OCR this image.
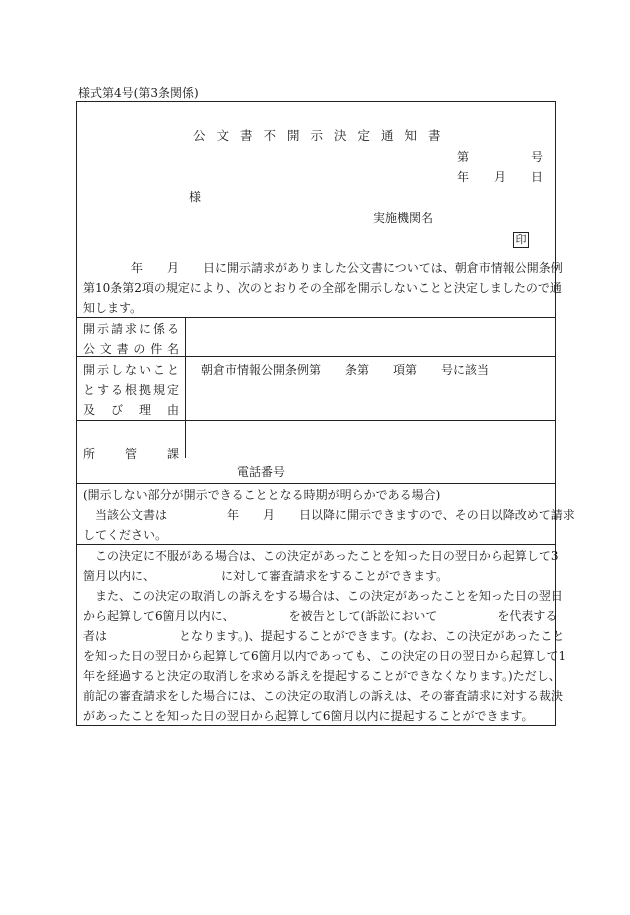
様式第4号(第3条関係)
公文書不開示決定通知書
第	号
年 月 日
様
実施機関名
印

　　　　年　　月　　日に開示請求がありました公文書については、朝倉市情報公開条例

第10条第2項の規定により、次のとおりその全部を開示しないことと決定しましたので通

知します。

開示請求に係る
公文書の件名
開示しないこと
とする根拠規定
及び理由
朝倉市情報公開条例第　　条第　　項第　　号に該当
所　　管　　課
電話番号

(開示しない部分が開示できることとなる時期が明らかである場合)

　当該公文書は　　　　　年　　月　　日以降に開示できますので、その日以降改めて請求

してください。

　この決定に不服がある場合は、この決定があったことを知った日の翌日から起算して3

箇月以内に、　　　　　　に対して審査請求をすることができます。

　また、この決定の取消しの訴えをする場合は、この決定があったことを知った日の翌日

から起算して6箇月以内に、　　　　　を被告として(訴訟において　　　　　を代表する

者は　　　　　　となります。)、提起することができます。(なお、この決定があったこと

を知った日の翌日から起算して6箇月以内であっても、この決定の日の翌日から起算して1

年を経過すると決定の取消しを求める訴えを提起することができなくなります。)ただし、

前記の審査請求をした場合には、この決定の取消しの訴えは、その審査請求に対する裁決

があったことを知った日の翌日から起算して6箇月以内に提起することができます。
